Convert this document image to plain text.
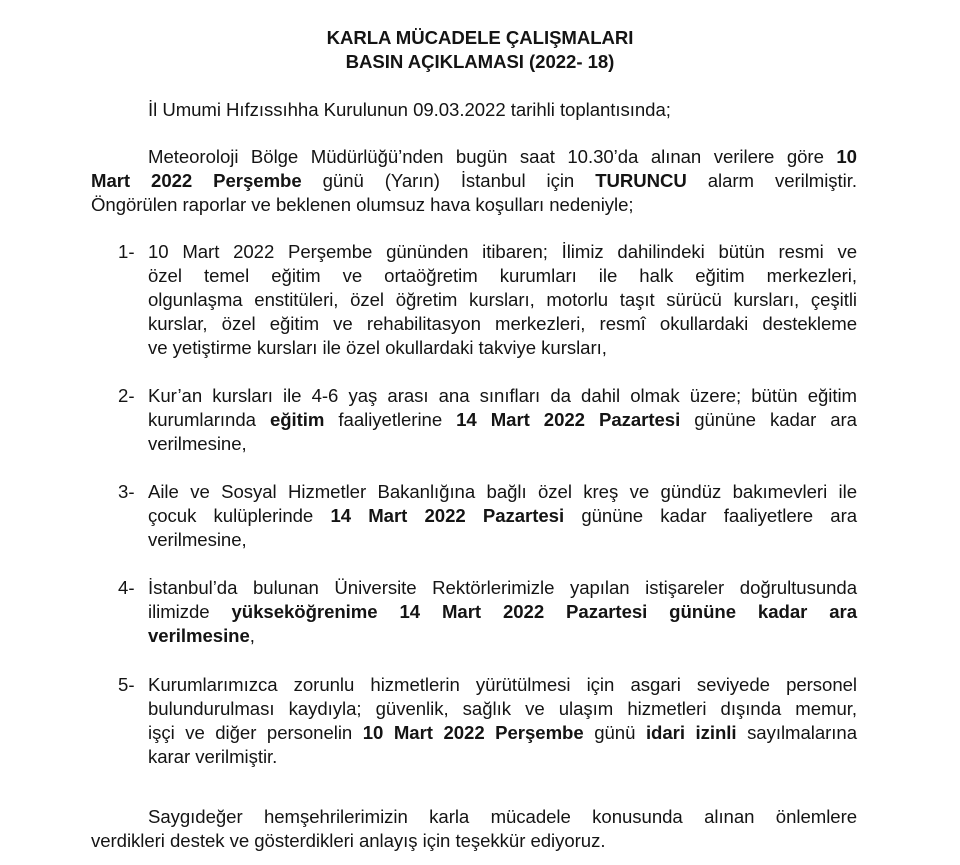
KARLA MÜCADELE ÇALIŞMALARI
BASIN AÇIKLAMASI (2022- 18)
İl Umumi Hıfzıssıhha Kurulunun 09.03.2022 tarihli toplantısında;
Meteoroloji Bölge Müdürlüğü’nden bugün saat 10.30’da alınan verilere göre 10
Mart 2022 Perşembe günü (Yarın) İstanbul için TURUNCU alarm verilmiştir.
Öngörülen raporlar ve beklenen olumsuz hava koşulları nedeniyle;
1- 10 Mart 2022 Perşembe gününden itibaren; İlimiz dahilindeki bütün resmi ve
özel temel eğitim ve ortaöğretim kurumları ile halk eğitim merkezleri,
olgunlaşma enstitüleri, özel öğretim kursları, motorlu taşıt sürücü kursları, çeşitli
kurslar, özel eğitim ve rehabilitasyon merkezleri, resmî okullardaki destekleme
ve yetiştirme kursları ile özel okullardaki takviye kursları,
2- Kur’an kursları ile 4-6 yaş arası ana sınıfları da dahil olmak üzere; bütün eğitim
kurumlarında eğitim faaliyetlerine 14 Mart 2022 Pazartesi gününe kadar ara
verilmesine,
3- Aile ve Sosyal Hizmetler Bakanlığına bağlı özel kreş ve gündüz bakımevleri ile
çocuk kulüplerinde 14 Mart 2022 Pazartesi gününe kadar faaliyetlere ara
verilmesine,
4- İstanbul’da bulunan Üniversite Rektörlerimizle yapılan istişareler doğrultusunda
ilimizde yükseköğrenime 14 Mart 2022 Pazartesi gününe kadar ara
verilmesine,
5- Kurumlarımızca zorunlu hizmetlerin yürütülmesi için asgari seviyede personel
bulundurulması kaydıyla; güvenlik, sağlık ve ulaşım hizmetleri dışında memur,
işçi ve diğer personelin 10 Mart 2022 Perşembe günü idari izinli sayılmalarına
karar verilmiştir.
Saygıdeğer hemşehrilerimizin karla mücadele konusunda alınan önlemlere
verdikleri destek ve gösterdikleri anlayış için teşekkür ediyoruz.
